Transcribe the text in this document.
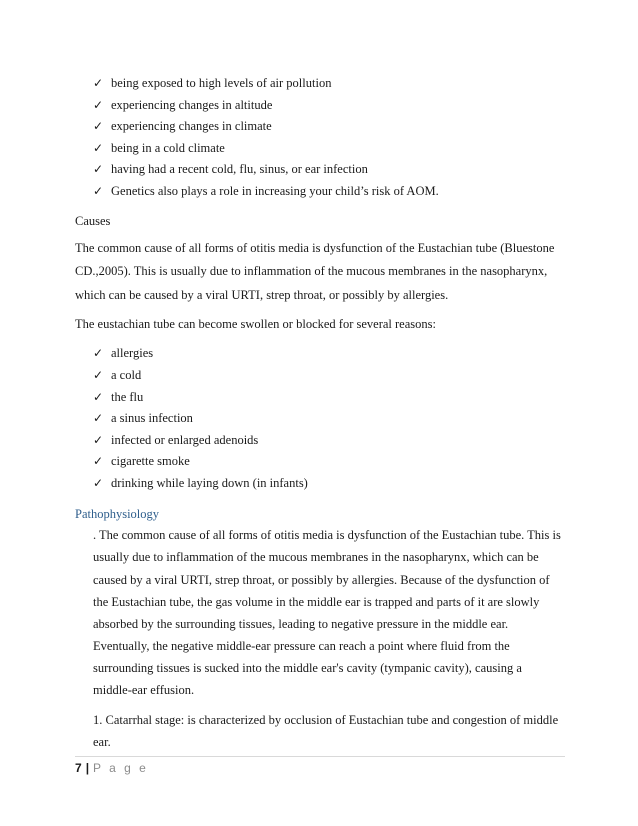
✓ being exposed to high levels of air pollution
✓ experiencing changes in altitude
✓ experiencing changes in climate
✓ being in a cold climate
✓ having had a recent cold, flu, sinus, or ear infection
✓ Genetics also plays a role in increasing your child’s risk of AOM.
Causes

The common cause of all forms of otitis media is dysfunction of the Eustachian tube (Bluestone

CD.,2005). This is usually due to inflammation of the mucous membranes in the nasopharynx,

which can be caused by a viral URTI, strep throat, or possibly by allergies.

The eustachian tube can become swollen or blocked for several reasons:

✓ allergies
✓ a cold
✓ the flu
✓ a sinus infection
✓ infected or enlarged adenoids
✓ cigarette smoke
✓ drinking while laying down (in infants)
Pathophysiology

. The common cause of all forms of otitis media is dysfunction of the Eustachian tube. This is

usually due to inflammation of the mucous membranes in the nasopharynx, which can be

caused by a viral URTI, strep throat, or possibly by allergies. Because of the dysfunction of

the Eustachian tube, the gas volume in the middle ear is trapped and parts of it are slowly

absorbed by the surrounding tissues, leading to negative pressure in the middle ear.

Eventually, the negative middle-ear pressure can reach a point where fluid from the

surrounding tissues is sucked into the middle ear's cavity (tympanic cavity), causing a

middle-ear effusion.

1. Catarrhal stage: is characterized by occlusion of Eustachian tube and congestion of middle

ear.

7 | P a g e
